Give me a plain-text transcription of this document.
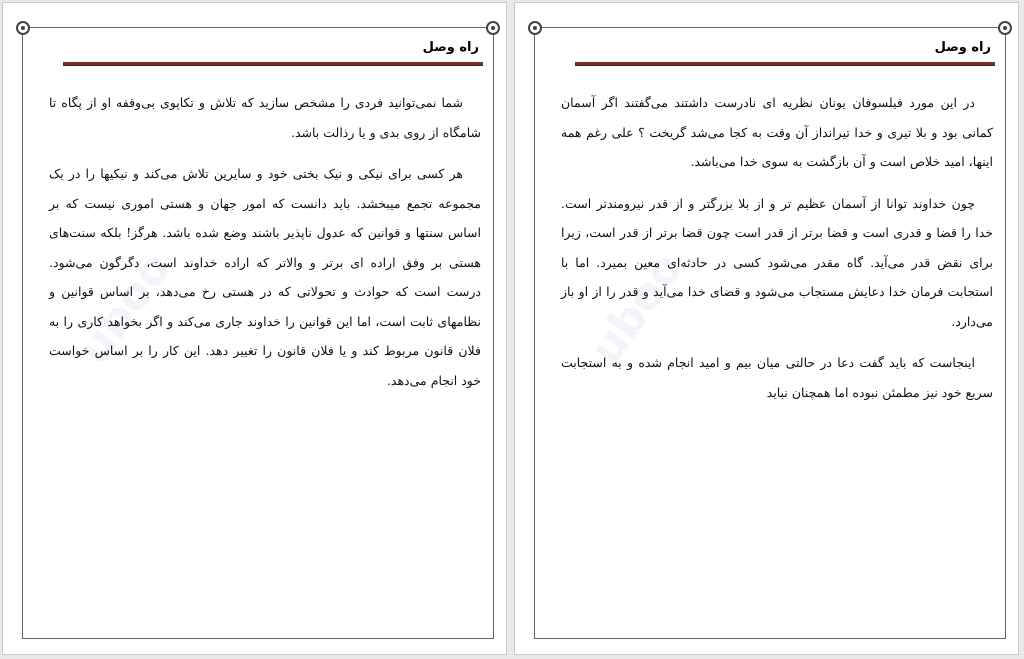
uboo
راه وصل

شما نمی‌توانید فردی را مشخص سازید که تلاش و تکاپوی بی‌وقفه او از پگاه تا شامگاه از روی بدی و یا رذالت باشد.

هر کسی برای نیکی و نیک بختی خود و سایرین تلاش می‌کند و نیکیها را در یک مجموعه تجمع میبخشد. باید دانست که امور جهان و هستی اموری نیست که بر اساس سنتها و قوانین که عدول ناپذیر باشند وضع شده باشد. هرگز! بلکه سنت‌های هستی بر وفق اراده ای برتر و والاتر که اراده خداوند است، دگرگون می‌شود. درست است که حوادث و تحولاتی که در هستی رخ می‌دهد، بر اساس قوانین و نظامهای ثابت است، اما این قوانین را خداوند جاری می‌کند و اگر بخواهد کاری را به فلان قانون مربوط کند و یا فلان قانون را تغییر دهد. این کار را بر اساس خواست خود انجام می‌دهد.

uboo
راه وصل

در این مورد فیلسوفان یونان نظریه ای نادرست داشتند می‌گفتند اگر آسمان کمانی بود و بلا تیری و خدا تیرانداز آن وقت به کجا می‌شد گریخت ؟ علی رغم همه اینها، امید خلاص است و آن بازگشت به سوی خدا می‌باشد.

چون خداوند توانا از آسمان عظیم تر و از بلا بزرگتر و از قدر نیرومندتر است. خدا را قضا و قدری است و قضا برتر از قدر است چون قضا برتر از قدر است، زیرا برای نقض قدر می‌آید. گاه مقدر می‌شود کسی در حادثه‌ای معین بمیرد. اما با استجابت فرمان خدا دعایش مستجاب می‌شود و قضای خدا می‌آید و قدر را از او باز می‌دارد.

اینجاست که باید گفت دعا در حالتی میان بیم و امید انجام شده و به استجابت سریع خود نیز مطمئن نبوده اما همچنان نباید
